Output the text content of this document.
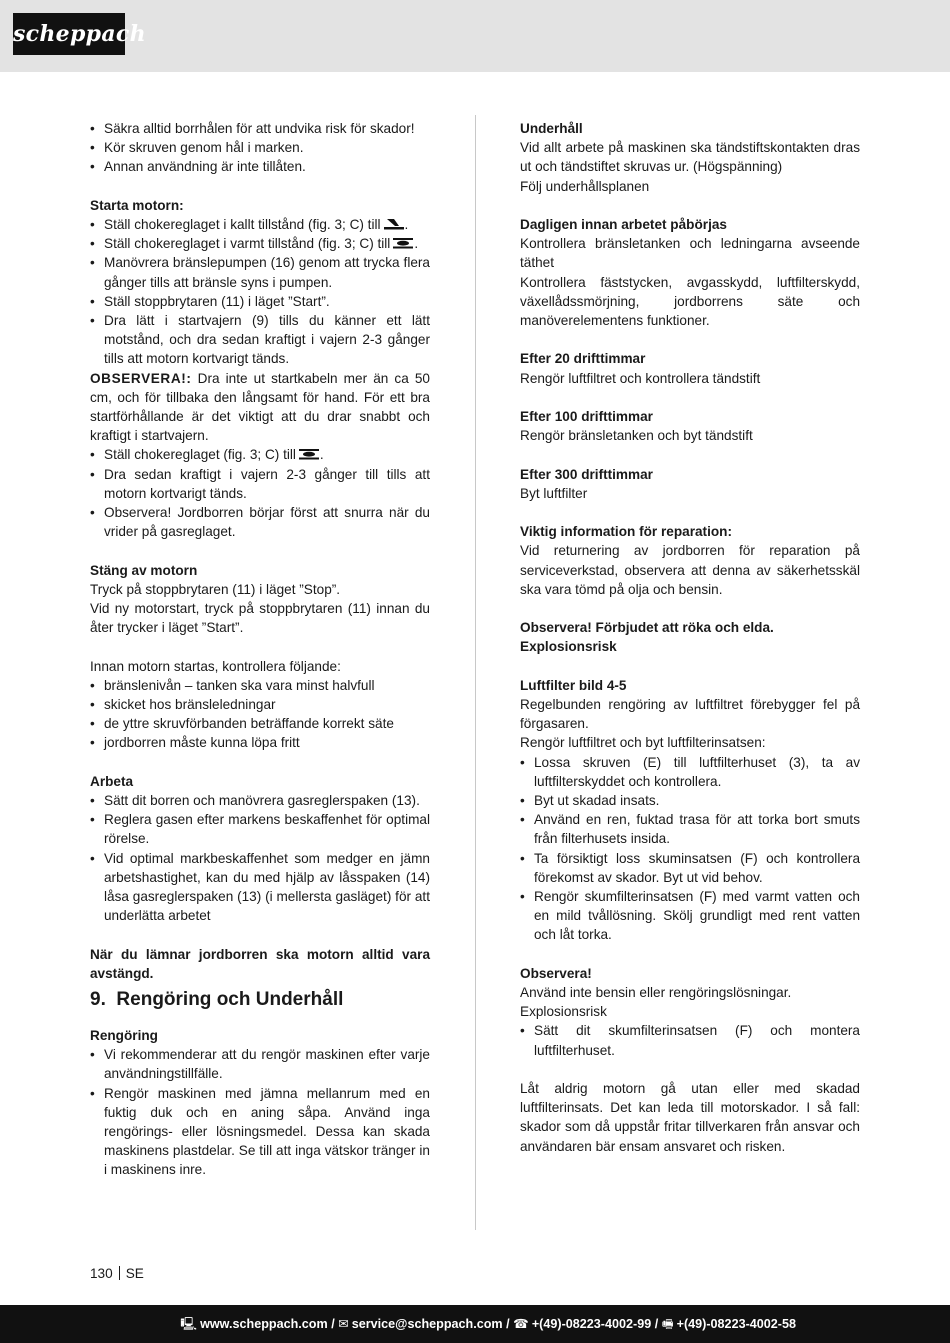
scheppach
• Säkra alltid borrhålen för att undvika risk för skador!
• Kör skruven genom hål i marken.
• Annan användning är inte tillåten.

Starta motorn:

• Ställ chokereglaget i kallt tillstånd (fig. 3; C) till .
• Ställ chokereglaget i varmt tillstånd (fig. 3; C) till .
• Manövrera bränslepumpen (16) genom att trycka flera gånger tills att bränsle syns i pumpen.
• Ställ stoppbrytaren (11) i läget ”Start”.
• Dra lätt i startvajern (9) tills du känner ett lätt motstånd, och dra sedan kraftigt i vajern 2-3 gånger tills att motorn kortvarigt tänds.

OBSERVERA!: Dra inte ut startkabeln mer än ca 50 cm, och för tillbaka den långsamt för hand. För ett bra startförhållande är det viktigt att du drar snabbt och kraftigt i startvajern.

• Ställ chokereglaget (fig. 3; C) till .
• Dra sedan kraftigt i vajern 2-3 gånger till tills att motorn kortvarigt tänds.
• Observera! Jordborren börjar först att snurra när du vrider på gasreglaget.

Stäng av motorn

Tryck på stoppbrytaren (11) i läget ”Stop”.

Vid ny motorstart, tryck på stoppbrytaren (11) innan du åter trycker i läget ”Start”.

Innan motorn startas, kontrollera följande:

• bränslenivån – tanken ska vara minst halvfull
• skicket hos bränsleledningar
• de yttre skruvförbanden beträffande korrekt säte
• jordborren måste kunna löpa fritt

Arbeta

• Sätt dit borren och manövrera gasreglerspaken (13).
• Reglera gasen efter markens beskaffenhet för optimal rörelse.
• Vid optimal markbeskaffenhet som medger en jämn arbetshastighet, kan du med hjälp av låsspaken (14) låsa gasreglerspaken (13) (i mellersta gasläget) för att underlätta arbetet

När du lämnar jordborren ska motorn alltid vara avstängd.

9. Rengöring och Underhåll

Rengöring

• Vi rekommenderar att du rengör maskinen efter varje användningstillfälle.
• Rengör maskinen med jämna mellanrum med en fuktig duk och en aning såpa. Använd inga rengörings- eller lösningsmedel. Dessa kan skada maskinens plastdelar. Se till att inga vätskor tränger in i maskinens inre.

Underhåll

Vid allt arbete på maskinen ska tändstiftskontakten dras ut och tändstiftet skruvas ur. (Högspänning)

Följ underhållsplanen

Dagligen innan arbetet påbörjas

Kontrollera bränsletanken och ledningarna avseende täthet

Kontrollera fäststycken, avgasskydd, luftfilterskydd, växellådssmörjning, jordborrens säte och manöverelementens funktioner.

Efter 20 drifttimmar

Rengör luftfiltret och kontrollera tändstift

Efter 100 drifttimmar

Rengör bränsletanken och byt tändstift

Efter 300 drifttimmar

Byt luftfilter

Viktig information för reparation:

Vid returnering av jordborren för reparation på serviceverkstad, observera att denna av säkerhetsskäl ska vara tömd på olja och bensin.

Observera! Förbjudet att röka och elda.

Explosionsrisk

Luftfilter bild 4-5

Regelbunden rengöring av luftfiltret förebygger fel på förgasaren.

Rengör luftfiltret och byt luftfilterinsatsen:

• Lossa skruven (E) till luftfilterhuset (3), ta av luftfilterskyddet och kontrollera.
• Byt ut skadad insats.
• Använd en ren, fuktad trasa för att torka bort smuts från filterhusets insida.
• Ta försiktigt loss skuminsatsen (F) och kontrollera förekomst av skador. Byt ut vid behov.
• Rengör skumfilterinsatsen (F) med varmt vatten och en mild tvållösning. Skölj grundligt med rent vatten och låt torka.

Observera!

Använd inte bensin eller rengöringslösningar.

Explosionsrisk

• Sätt dit skumfilterinsatsen (F) och montera luftfilterhuset.

Låt aldrig motorn gå utan eller med skadad luftfilterinsats. Det kan leda till motorskador. I så fall: skador som då uppstår fritar tillverkaren från ansvar och användaren bär ensam ansvaret och risken.

130 SE
🖳 www.scheppach.com / ✉ service@scheppach.com / ☎ +(49)-08223-4002-99 / 🖷 +(49)-08223-4002-58
